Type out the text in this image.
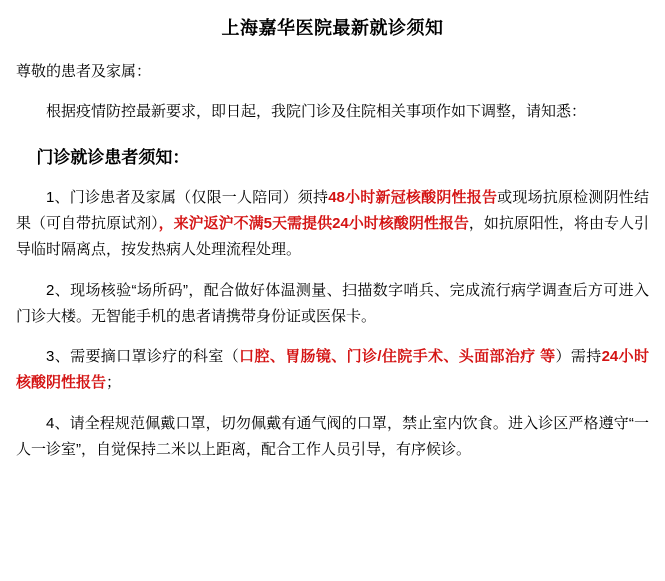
上海嘉华医院最新就诊须知

尊敬的患者及家属：

根据疫情防控最新要求，即日起，我院门诊及住院相关事项作如下调整，请知悉：

门诊就诊患者须知：

1、门诊患者及家属（仅限一人陪同）须持48小时新冠核酸阴性报告或现场抗原检测阴性结果（可自带抗原试剂），来沪返沪不满5天需提供24小时核酸阴性报告，如抗原阳性，将由专人引导临时隔离点，按发热病人处理流程处理。

2、现场核验“场所码”，配合做好体温测量、扫描数字哨兵、完成流行病学调查后方可进入门诊大楼。无智能手机的患者请携带身份证或医保卡。

3、需要摘口罩诊疗的科室（口腔、胃肠镜、门诊/住院手术、头面部治疗 等）需持24小时核酸阴性报告；

4、请全程规范佩戴口罩，切勿佩戴有通气阀的口罩，禁止室内饮食。进入诊区严格遵守“一人一诊室”，自觉保持二米以上距离，配合工作人员引导，有序候诊。
